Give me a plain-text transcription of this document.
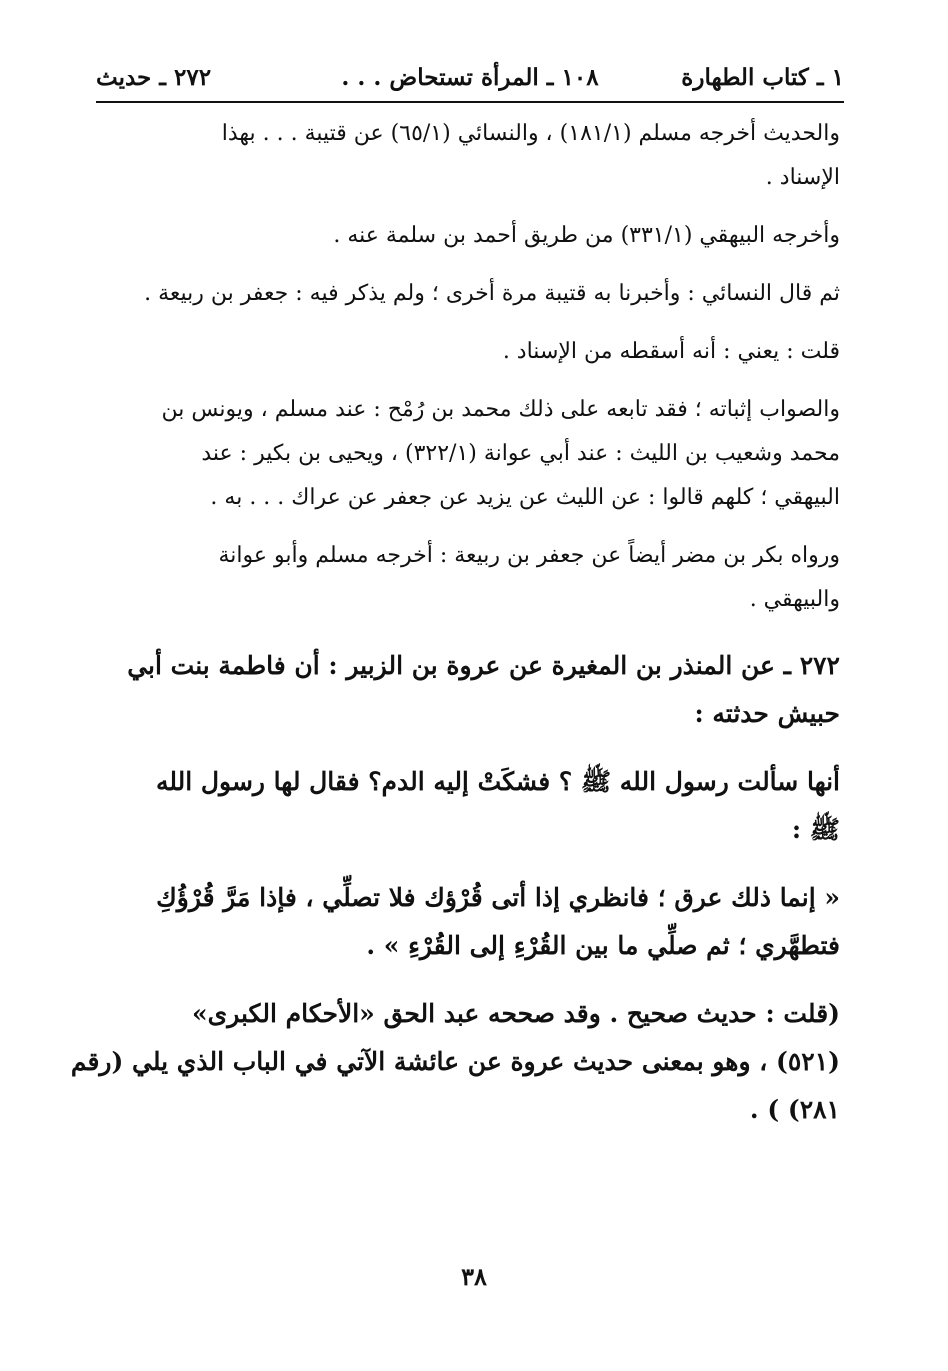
١ ـ كتاب الطهارة
١٠٨ ـ المرأة تستحاض . . .
٢٧٢ ـ حديث

والحديث أخرجه مسلم (١٨١/١) ، والنسائي (٦٥/١) عن قتيبة . . . بهذا
الإسناد .

وأخرجه البيهقي (٣٣١/١) من طريق أحمد بن سلمة عنه .

ثم قال النسائي : وأخبرنا به قتيبة مرة أخرى ؛ ولم يذكر فيه : جعفر بن ربيعة .

قلت : يعني : أنه أسقطه من الإسناد .

والصواب إثباته ؛ فقد تابعه على ذلك محمد بن رُمْح : عند مسلم ، ويونس بن
محمد وشعيب بن الليث : عند أبي عوانة (٣٢٢/١) ، ويحيى بن بكير : عند
البيهقي ؛ كلهم قالوا : عن الليث عن يزيد عن جعفر عن عراك . . . به .

ورواه بكر بن مضر أيضاً عن جعفر بن ربيعة : أخرجه مسلم وأبو عوانة
والبيهقي .

٢٧٢ ـ عن المنذر بن المغيرة عن عروة بن الزبير : أن فاطمة بنت أبي
حبيش حدثته :

أنها سألت رسول الله ﷺ ؟ فشكَتْ إليه الدم؟ فقال لها رسول الله
ﷺ :

« إنما ذلك عرق ؛ فانظري إذا أتى قُرْؤك فلا تصلِّي ، فإذا مَرَّ قُرْؤُكِ
فتطهَّري ؛ ثم صلِّي ما بين القُرْءِ إلى القُرْءِ » .

(قلت : حديث صحيح . وقد صححه عبد الحق «الأحكام الكبرى»
(٥٢١) ، وهو بمعنى حديث عروة عن عائشة الآتي في الباب الذي يلي (رقم
٢٨١) ) .

٣٨
